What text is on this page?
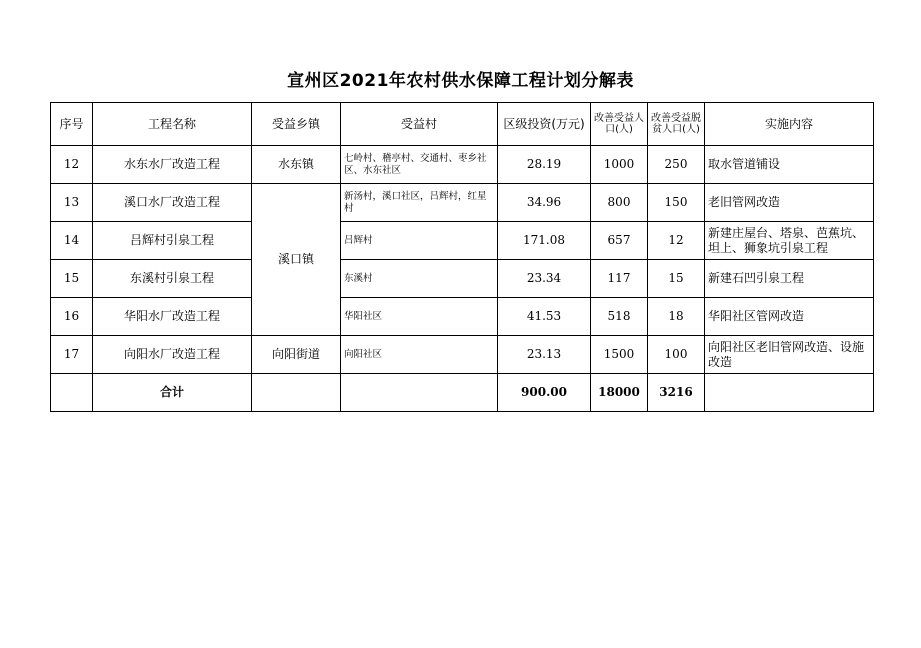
宣州区2021年农村供水保障工程计划分解表
序号	工程名称	受益乡镇	受益村	区级投资(万元)	改善受益人口(人)	改善受益脱贫人口(人)	实施内容
12	水东水厂改造工程	水东镇	七岭村、稽亭村、交通村、枣乡社区、水东社区	28.19	1000	250	取水管道铺设
13	溪口水厂改造工程	溪口镇	新汤村，溪口社区，吕辉村，红星村	34.96	800	150	老旧管网改造
14	吕辉村引泉工程		吕辉村	171.08	657	12	新建庄屋台、塔泉、芭蕉坑、坦上、狮象坑引泉工程
15	东溪村引泉工程		东溪村	23.34	117	15	新建石凹引泉工程
16	华阳水厂改造工程		华阳社区	41.53	518	18	华阳社区管网改造
17	向阳水厂改造工程	向阳街道	向阳社区	23.13	1500	100	向阳社区老旧管网改造、设施改造
	合计			900.00	18000	3216	
